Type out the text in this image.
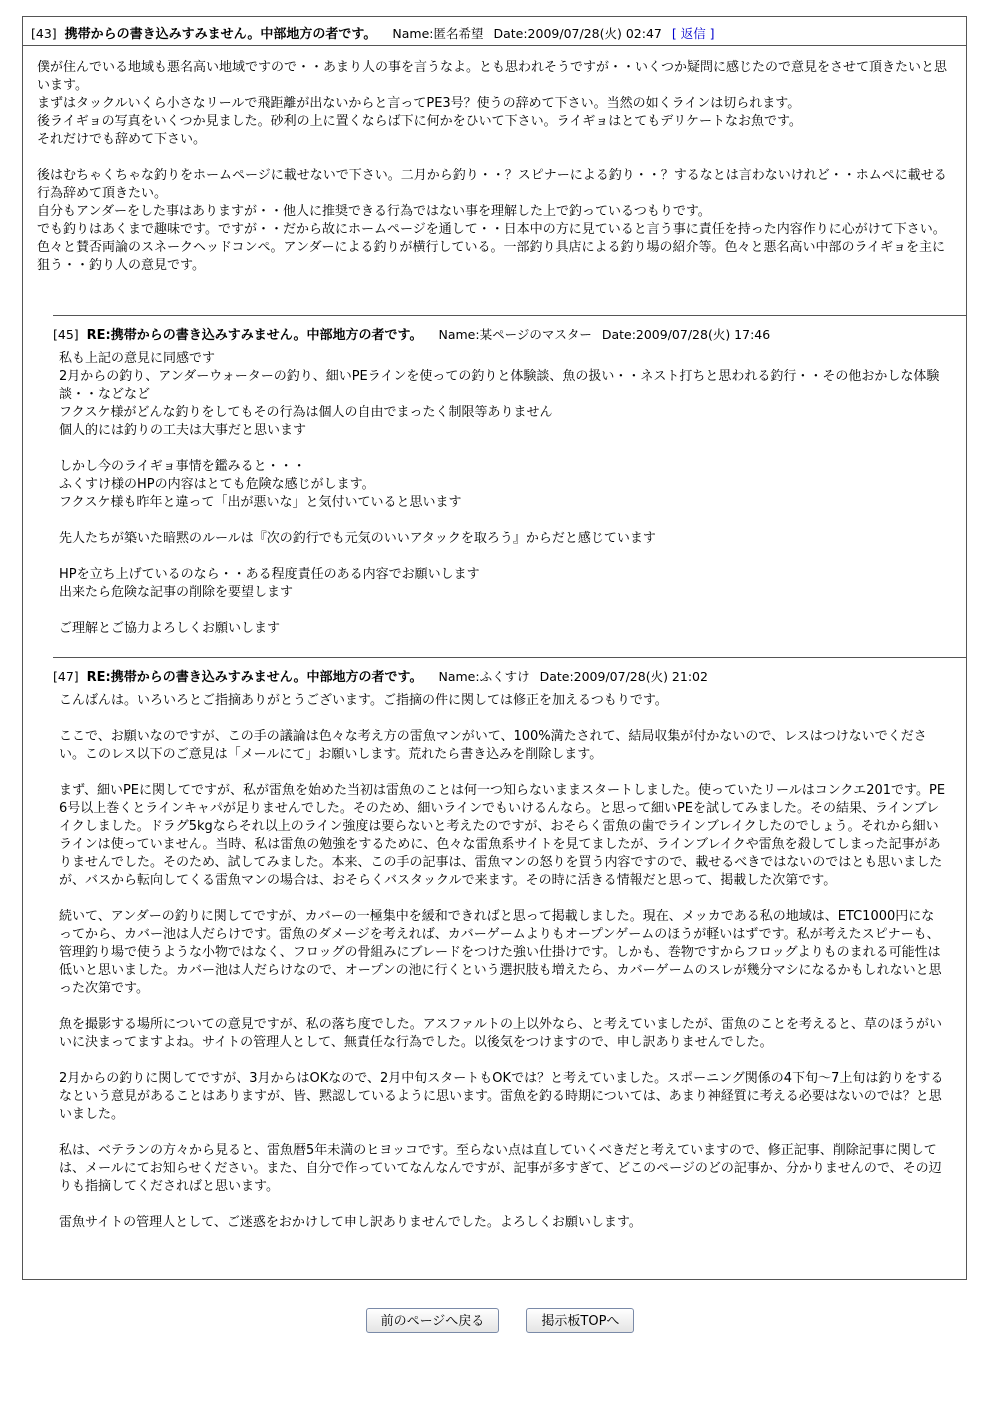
[43] 携帯からの書き込みすみません。中部地方の者です。 Name:匿名希望 Date:2009/07/28(火) 02:47 [ 返信 ]
僕が住んでいる地域も悪名高い地域ですので・・あまり人の事を言うなよ。とも思われそうですが・・いくつか疑問に感じたので意見をさせて頂きたいと思います。
まずはタックルいくら小さなリールで飛距離が出ないからと言ってPE3号？使うの辞めて下さい。当然の如くラインは切られます。
後ライギョの写真をいくつか見ました。砂利の上に置くならば下に何かをひいて下さい。ライギョはとてもデリケートなお魚です。
それだけでも辞めて下さい。

後はむちゃくちゃな釣りをホームページに載せないで下さい。二月から釣り・・？スピナーによる釣り・・？するなとは言わないけれど・・ホムペに載せる行為辞めて頂きたい。
自分もアンダーをした事はありますが・・他人に推奨できる行為ではない事を理解した上で釣っているつもりです。
でも釣りはあくまで趣味です。ですが・・だから故にホームページを通して・・日本中の方に見ていると言う事に責任を持った内容作りに心がけて下さい。
色々と賛否両論のスネークヘッドコンペ。アンダーによる釣りが横行している。一部釣り具店による釣り場の紹介等。色々と悪名高い中部のライギョを主に狙う・・釣り人の意見です。
[45] RE:携帯からの書き込みすみません。中部地方の者です。 Name:某ページのマスター Date:2009/07/28(火) 17:46
私も上記の意見に同感です
2月からの釣り、アンダーウォーターの釣り、細いPEラインを使っての釣りと体験談、魚の扱い・・ネスト打ちと思われる釣行・・その他おかしな体験談・・などなど
フクスケ様がどんな釣りをしてもその行為は個人の自由でまったく制限等ありません
個人的には釣りの工夫は大事だと思います

しかし今のライギョ事情を鑑みると・・・
ふくすけ様のHPの内容はとても危険な感じがします。
フクスケ様も昨年と違って「出が悪いな」と気付いていると思います

先人たちが築いた暗黙のルールは『次の釣行でも元気のいいアタックを取ろう』からだと感じています

HPを立ち上げているのなら・・ある程度責任のある内容でお願いします
出来たら危険な記事の削除を要望します

ご理解とご協力よろしくお願いします
[47] RE:携帯からの書き込みすみません。中部地方の者です。 Name:ふくすけ Date:2009/07/28(火) 21:02
こんばんは。いろいろとご指摘ありがとうございます。ご指摘の件に関しては修正を加えるつもりです。

ここで、お願いなのですが、この手の議論は色々な考え方の雷魚マンがいて、100%満たされて、結局収集が付かないので、レスはつけないでください。このレス以下のご意見は「メールにて」お願いします。荒れたら書き込みを削除します。

まず、細いPEに関してですが、私が雷魚を始めた当初は雷魚のことは何一つ知らないままスタートしました。使っていたリールはコンクエ201です。PE6号以上巻くとラインキャパが足りませんでした。そのため、細いラインでもいけるんなら。と思って細いPEを試してみました。その結果、ラインブレイクしました。ドラグ5kgならそれ以上のライン強度は要らないと考えたのですが、おそらく雷魚の歯でラインブレイクしたのでしょう。それから細いラインは使っていません。当時、私は雷魚の勉強をするために、色々な雷魚系サイトを見てましたが、ラインブレイクや雷魚を殺してしまった記事がありませんでした。そのため、試してみました。本来、この手の記事は、雷魚マンの怒りを買う内容ですので、載せるべきではないのではとも思いましたが、バスから転向してくる雷魚マンの場合は、おそらくバスタックルで来ます。その時に活きる情報だと思って、掲載した次第です。

続いて、アンダーの釣りに関してですが、カバーの一極集中を緩和できればと思って掲載しました。現在、メッカである私の地域は、ETC1000円になってから、カバー池は人だらけです。雷魚のダメージを考えれば、カバーゲームよりもオープンゲームのほうが軽いはずです。私が考えたスピナーも、管理釣り場で使うような小物ではなく、フロッグの骨組みにブレードをつけた強い仕掛けです。しかも、巻物ですからフロッグよりものまれる可能性は低いと思いました。カバー池は人だらけなので、オープンの池に行くという選択肢も増えたら、カバーゲームのスレが幾分マシになるかもしれないと思った次第です。

魚を撮影する場所についての意見ですが、私の落ち度でした。アスファルトの上以外なら、と考えていましたが、雷魚のことを考えると、草のほうがいいに決まってますよね。サイトの管理人として、無責任な行為でした。以後気をつけますので、申し訳ありませんでした。

2月からの釣りに関してですが、3月からはOKなので、2月中旬スタートもOKでは？と考えていました。スポーニング関係の4下旬〜7上旬は釣りをするなという意見があることはありますが、皆、黙認しているように思います。雷魚を釣る時期については、あまり神経質に考える必要はないのでは？と思いました。

私は、ベテランの方々から見ると、雷魚暦5年未満のヒヨッコです。至らない点は直していくべきだと考えていますので、修正記事、削除記事に関しては、メールにてお知らせください。また、自分で作っていてなんなんですが、記事が多すぎて、どこのページのどの記事か、分かりませんので、その辺りも指摘してくださればと思います。

雷魚サイトの管理人として、ご迷惑をおかけして申し訳ありませんでした。よろしくお願いします。
前のページへ戻る	掲示板TOPへ
